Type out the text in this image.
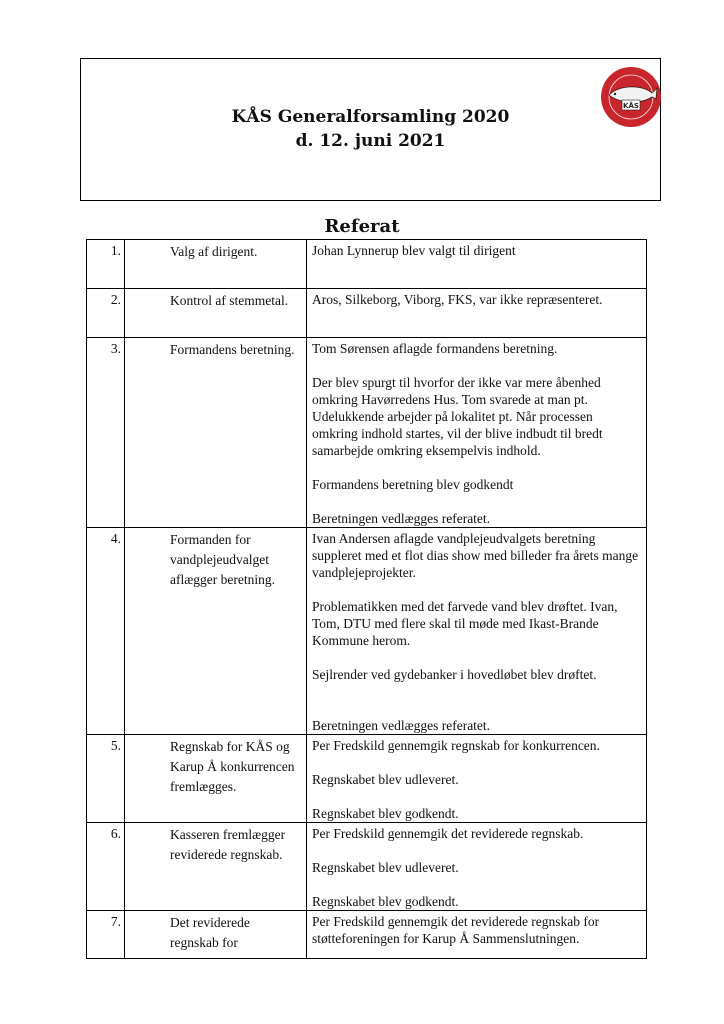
KÅS Generalforsamling 2020
d. 12. juni 2021
KÅS
Referat
1.	Valg af dirigent.	Johan Lynnerup blev valgt til dirigent

2.	Kontrol af stemmetal.	Aros, Silkeborg, Viborg, FKS, var ikke repræsenteret.

3.	Formandens beretning.	Tom Sørensen aflagde formandens beretning.

Der blev spurgt til hvorfor der ikke var mere åbenhed omkring Havørredens Hus. Tom svarede at man pt. Udelukkende arbejder på lokalitet pt. Når processen omkring indhold startes, vil der blive indbudt til bredt samarbejde omkring eksempelvis indhold.

Formandens beretning blev godkendt

Beretningen vedlægges referatet.

4.	Formanden for vandplejeudvalget aflægger beretning.	Ivan Andersen aflagde vandplejeudvalgets beretning suppleret med et flot dias show med billeder fra årets mange vandplejeprojekter.

Problematikken med det farvede vand blev drøftet. Ivan, Tom, DTU med flere skal til møde med Ikast-Brande Kommune herom.

Sejlrender ved gydebanker i hovedløbet blev drøftet.

Beretningen vedlægges referatet.

5.	Regnskab for KÅS og Karup Å konkurrencen fremlægges.	Per Fredskild gennemgik regnskab for konkurrencen.

Regnskabet blev udleveret.

Regnskabet blev godkendt.

6.	Kasseren fremlægger reviderede regnskab.	Per Fredskild gennemgik det reviderede regnskab.

Regnskabet blev udleveret.

Regnskabet blev godkendt.

7.	Det reviderede regnskab for	Per Fredskild gennemgik det reviderede regnskab for støtteforeningen for Karup Å Sammenslutningen.
